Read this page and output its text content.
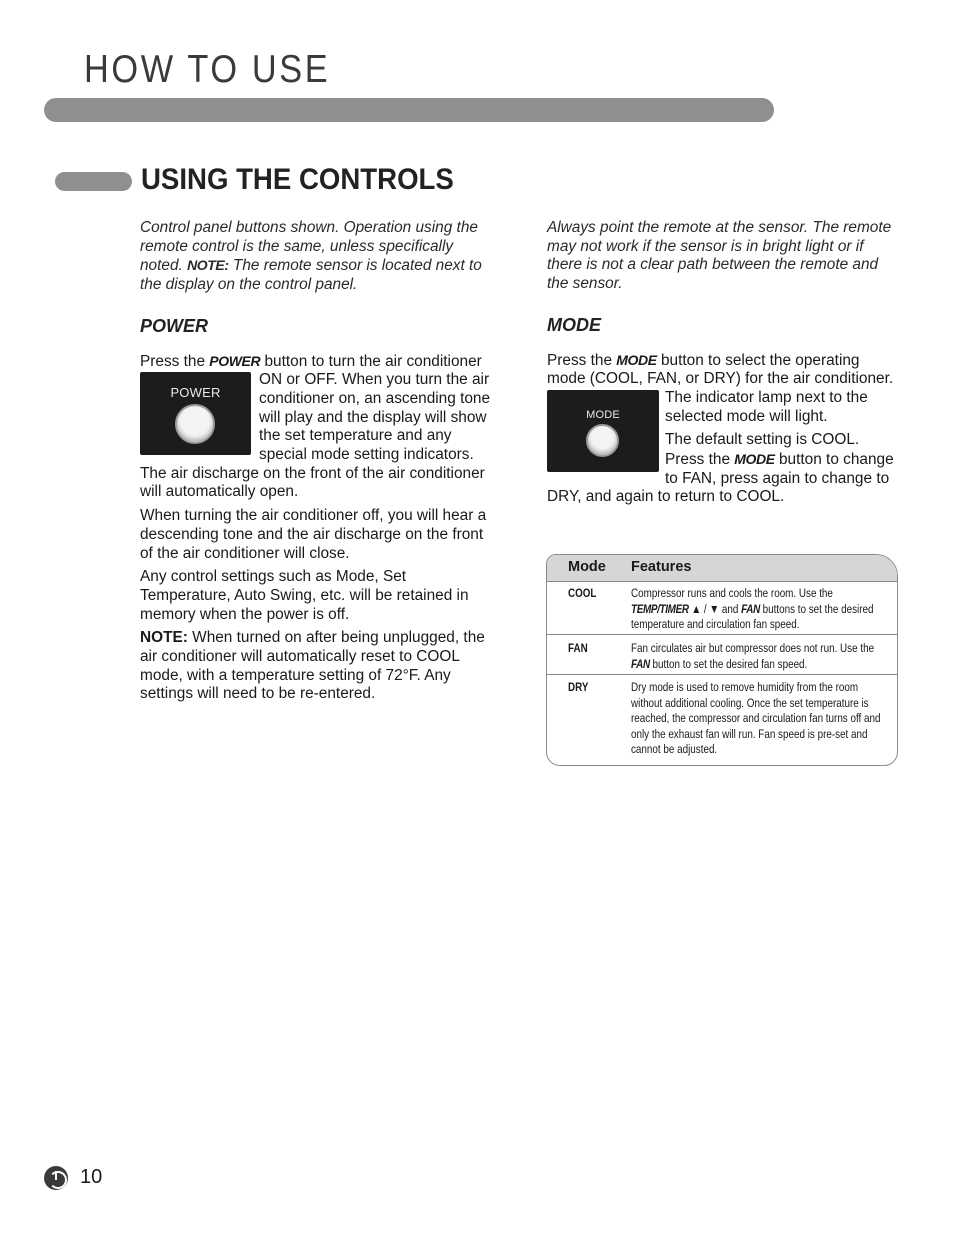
HOW TO USE
USING THE CONTROLS

Control panel buttons shown. Operation using the remote control is the same, unless specifically noted. NOTE: The remote sensor is located next to the display on the control panel.

POWER

Press the POWER button to turn the air conditioner ON or OFF. When you turn the air
POWER	conditioner on, an ascending tone will play and the display will show the set temperature and any special mode setting indicators. The air discharge on the front of the air conditioner will automatically open.

When turning the air conditioner off, you will hear a descending tone and the air discharge on the front of the air conditioner will close.

Any control settings such as Mode, Set Temperature, Auto Swing, etc. will be retained in memory when the power is off.

NOTE: When turned on after being unplugged, the air conditioner will automatically reset to COOL mode, with a temperature setting of 72°F. Any settings will need to be re-entered.

Always point the remote at the sensor. The remote may not work if the sensor is in bright light or if there is not a clear path between the remote and the sensor.

MODE

Press the MODE button to select the operating mode (COOL, FAN, or DRY) for the air
MODE
conditioner. The indicator lamp next to the selected mode will light.

The default setting is COOL. Press the MODE button to change to FAN, press again to change to DRY, and again to return to COOL.

Mode Features
COOL	Compressor runs and cools the room. Use the TEMP/TIMER ▲ / ▼ and FAN buttons to set the desired temperature and circulation fan speed.
FAN	Fan circulates air but compressor does not run. Use the FAN button to set the desired fan speed.
DRY	Dry mode is used to remove humidity from the room without additional cooling. Once the set temperature is reached, the compressor and circulation fan turns off and only the exhaust fan will run. Fan speed is pre-set and cannot be adjusted.
10
